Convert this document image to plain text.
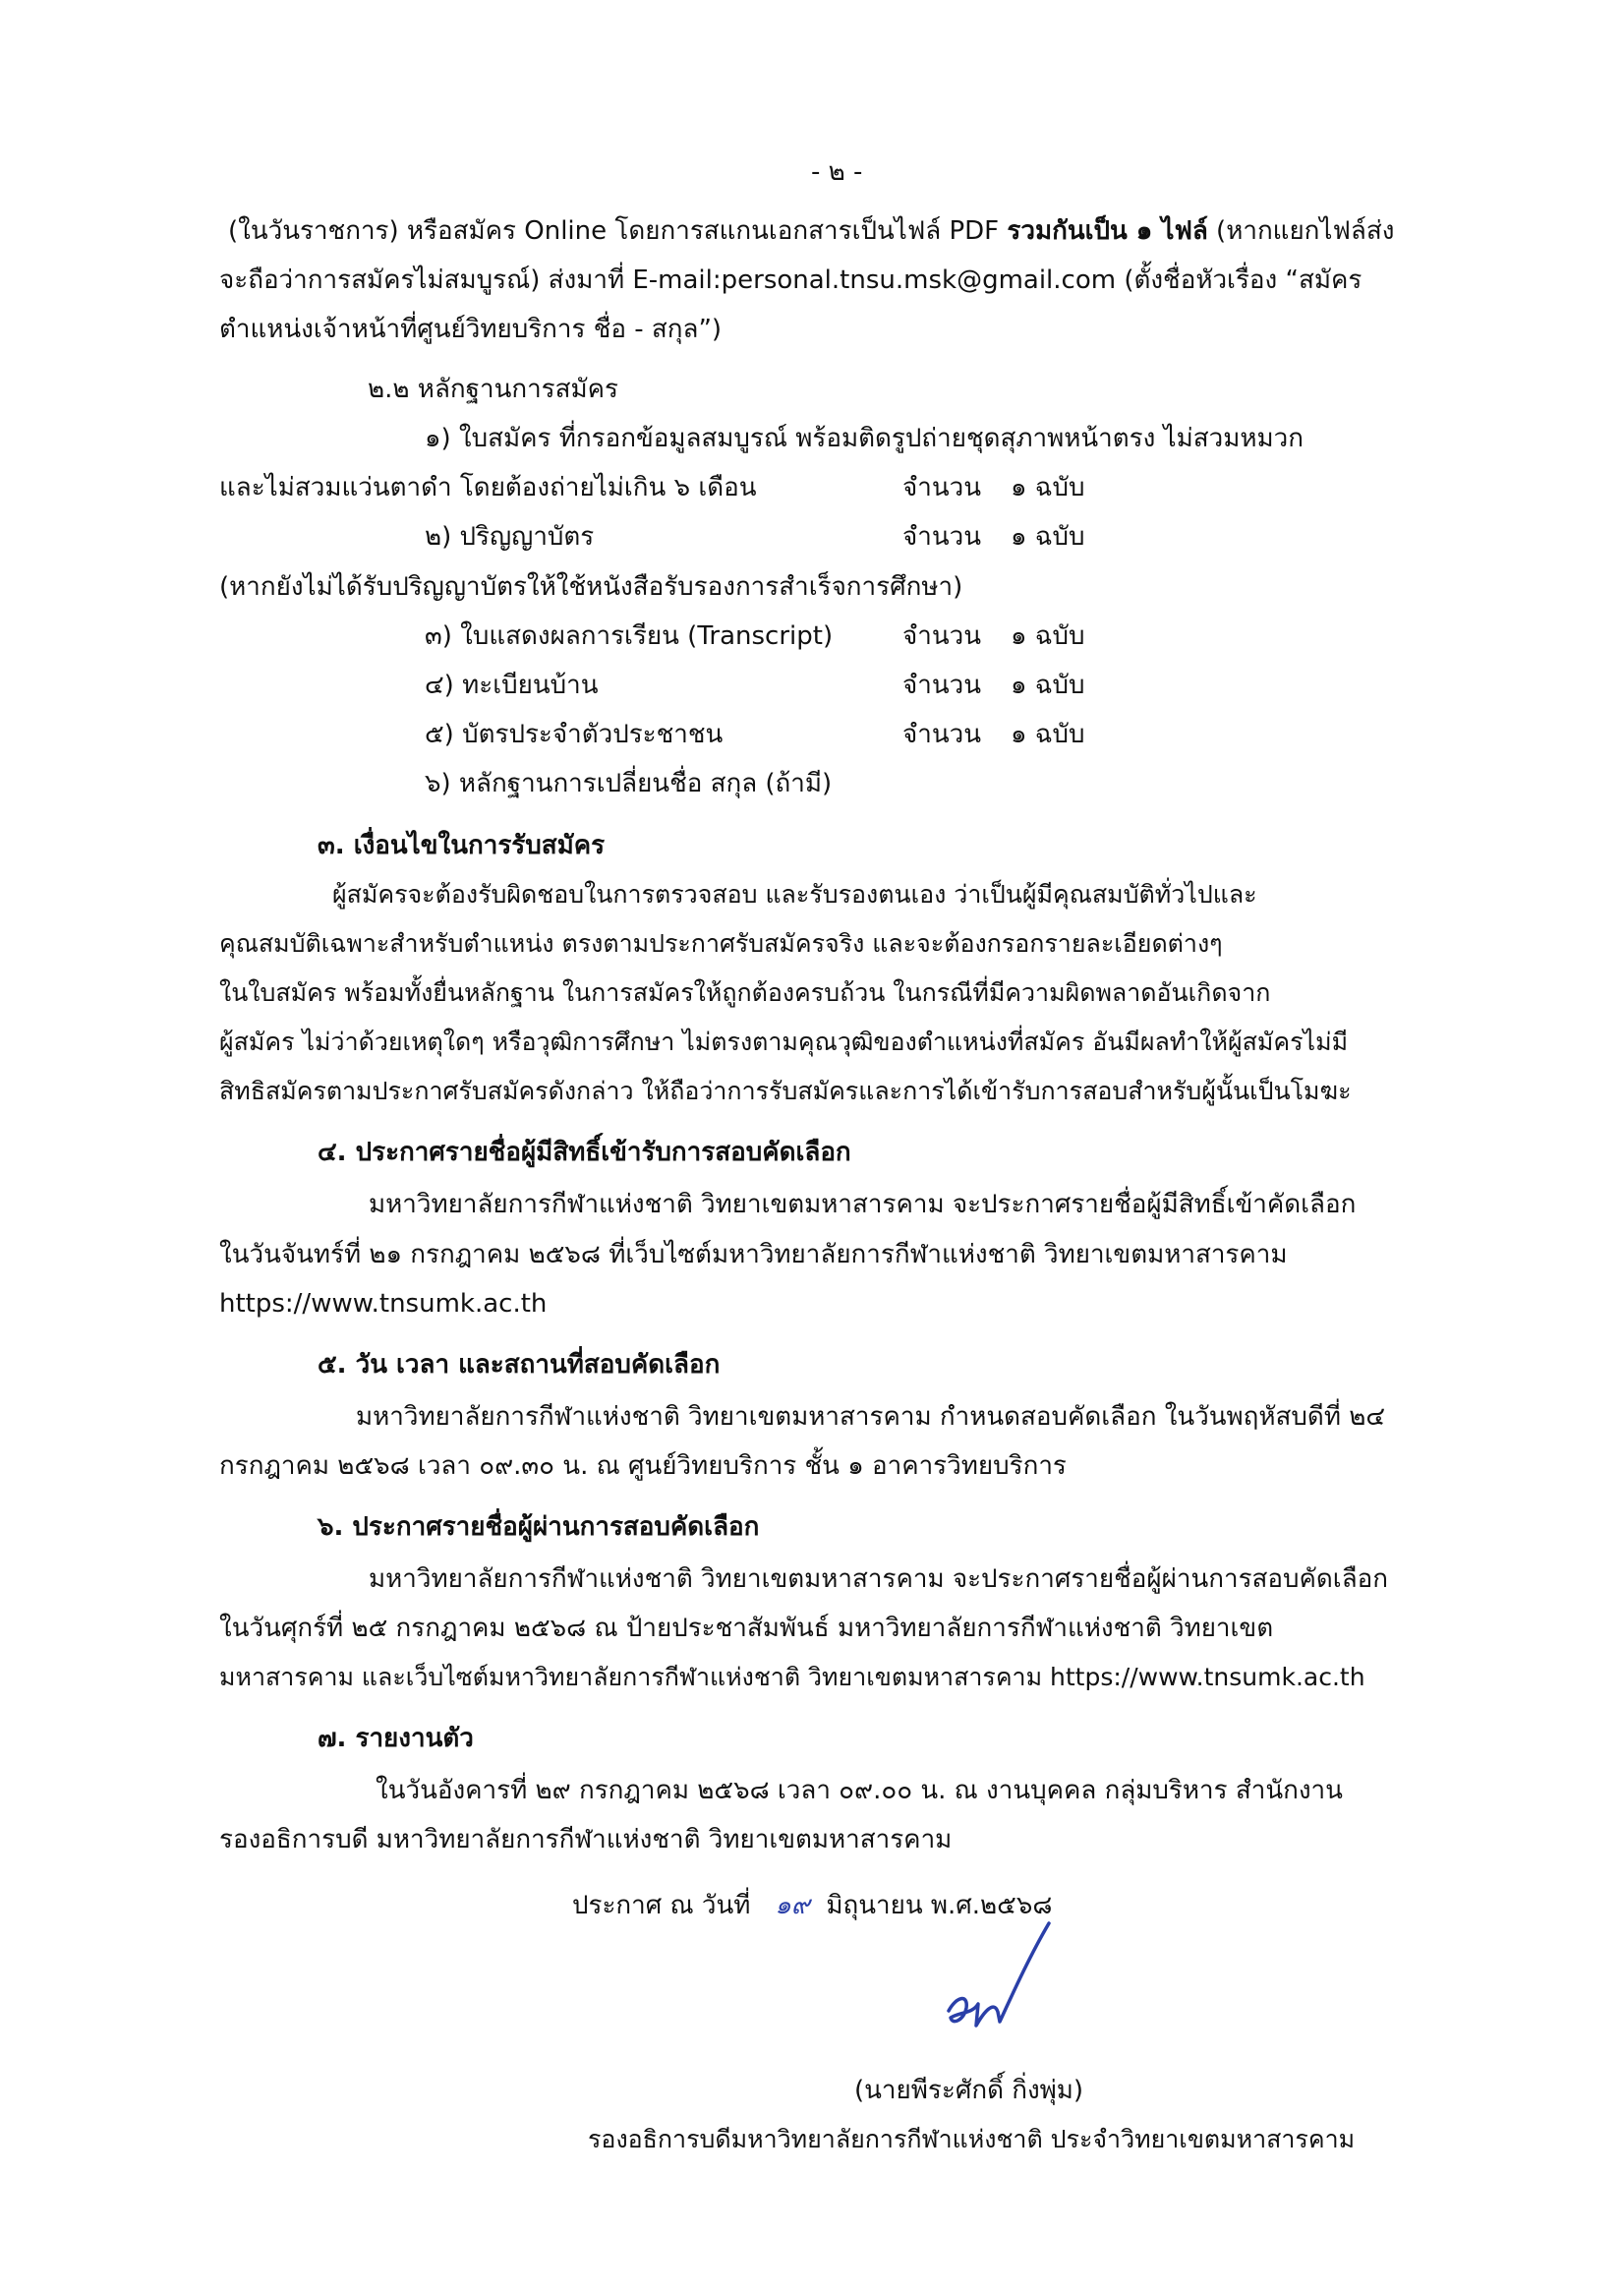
- ๒ -
(ในวันราชการ) หรือสมัคร Online โดยการสแกนเอกสารเป็นไฟล์ PDF รวมกันเป็น ๑ ไฟล์ (หากแยกไฟล์ส่ง
จะถือว่าการสมัครไม่สมบูรณ์) ส่งมาที่ E-mail:personal.tnsu.msk@gmail.com (ตั้งชื่อหัวเรื่อง “สมัคร
ตำแหน่งเจ้าหน้าที่ศูนย์วิทยบริการ ชื่อ - สกุล”)
๒.๒ หลักฐานการสมัคร
๑) ใบสมัคร ที่กรอกข้อมูลสมบูรณ์ พร้อมติดรูปถ่ายชุดสุภาพหน้าตรง ไม่สวมหมวก
และไม่สวมแว่นตาดำ โดยต้องถ่ายไม่เกิน ๖ เดือน	จำนวน ๑ ฉบับ
๒) ปริญญาบัตร	จำนวน ๑ ฉบับ
(หากยังไม่ได้รับปริญญาบัตรให้ใช้หนังสือรับรองการสำเร็จการศึกษา)
๓) ใบแสดงผลการเรียน (Transcript)	จำนวน ๑ ฉบับ
๔) ทะเบียนบ้าน	จำนวน ๑ ฉบับ
๕) บัตรประจำตัวประชาชน	จำนวน ๑ ฉบับ
๖) หลักฐานการเปลี่ยนชื่อ สกุล (ถ้ามี)
๓. เงื่อนไขในการรับสมัคร
ผู้สมัครจะต้องรับผิดชอบในการตรวจสอบ และรับรองตนเอง ว่าเป็นผู้มีคุณสมบัติทั่วไปและ
คุณสมบัติเฉพาะสำหรับตำแหน่ง ตรงตามประกาศรับสมัครจริง และจะต้องกรอกรายละเอียดต่างๆ
ในใบสมัคร พร้อมทั้งยื่นหลักฐาน ในการสมัครให้ถูกต้องครบถ้วน ในกรณีที่มีความผิดพลาดอันเกิดจาก
ผู้สมัคร ไม่ว่าด้วยเหตุใดๆ หรือวุฒิการศึกษา ไม่ตรงตามคุณวุฒิของตำแหน่งที่สมัคร อันมีผลทำให้ผู้สมัครไม่มี
สิทธิสมัครตามประกาศรับสมัครดังกล่าว ให้ถือว่าการรับสมัครและการได้เข้ารับการสอบสำหรับผู้นั้นเป็นโมฆะ
๔. ประกาศรายชื่อผู้มีสิทธิ์เข้ารับการสอบคัดเลือก
มหาวิทยาลัยการกีฬาแห่งชาติ วิทยาเขตมหาสารคาม จะประกาศรายชื่อผู้มีสิทธิ์เข้าคัดเลือก
ในวันจันทร์ที่ ๒๑ กรกฎาคม ๒๕๖๘ ที่เว็บไซต์มหาวิทยาลัยการกีฬาแห่งชาติ วิทยาเขตมหาสารคาม
https://www.tnsumk.ac.th
๕. วัน เวลา และสถานที่สอบคัดเลือก
มหาวิทยาลัยการกีฬาแห่งชาติ วิทยาเขตมหาสารคาม กำหนดสอบคัดเลือก ในวันพฤหัสบดีที่ ๒๔
กรกฎาคม ๒๕๖๘ เวลา ๐๙.๓๐ น. ณ ศูนย์วิทยบริการ ชั้น ๑ อาคารวิทยบริการ
๖. ประกาศรายชื่อผู้ผ่านการสอบคัดเลือก
มหาวิทยาลัยการกีฬาแห่งชาติ วิทยาเขตมหาสารคาม จะประกาศรายชื่อผู้ผ่านการสอบคัดเลือก
ในวันศุกร์ที่ ๒๕ กรกฎาคม ๒๕๖๘ ณ ป้ายประชาสัมพันธ์ มหาวิทยาลัยการกีฬาแห่งชาติ วิทยาเขต
มหาสารคาม และเว็บไซต์มหาวิทยาลัยการกีฬาแห่งชาติ วิทยาเขตมหาสารคาม https://www.tnsumk.ac.th
๗. รายงานตัว
ในวันอังคารที่ ๒๙ กรกฎาคม ๒๕๖๘ เวลา ๐๙.๐๐ น. ณ งานบุคคล กลุ่มบริหาร สำนักงาน
รองอธิการบดี มหาวิทยาลัยการกีฬาแห่งชาติ วิทยาเขตมหาสารคาม
ประกาศ ณ วันที่ ๑๙ มิถุนายน พ.ศ.๒๕๖๘
(นายพีระศักดิ์ กิ่งพุ่ม)
รองอธิการบดีมหาวิทยาลัยการกีฬาแห่งชาติ ประจำวิทยาเขตมหาสารคาม
